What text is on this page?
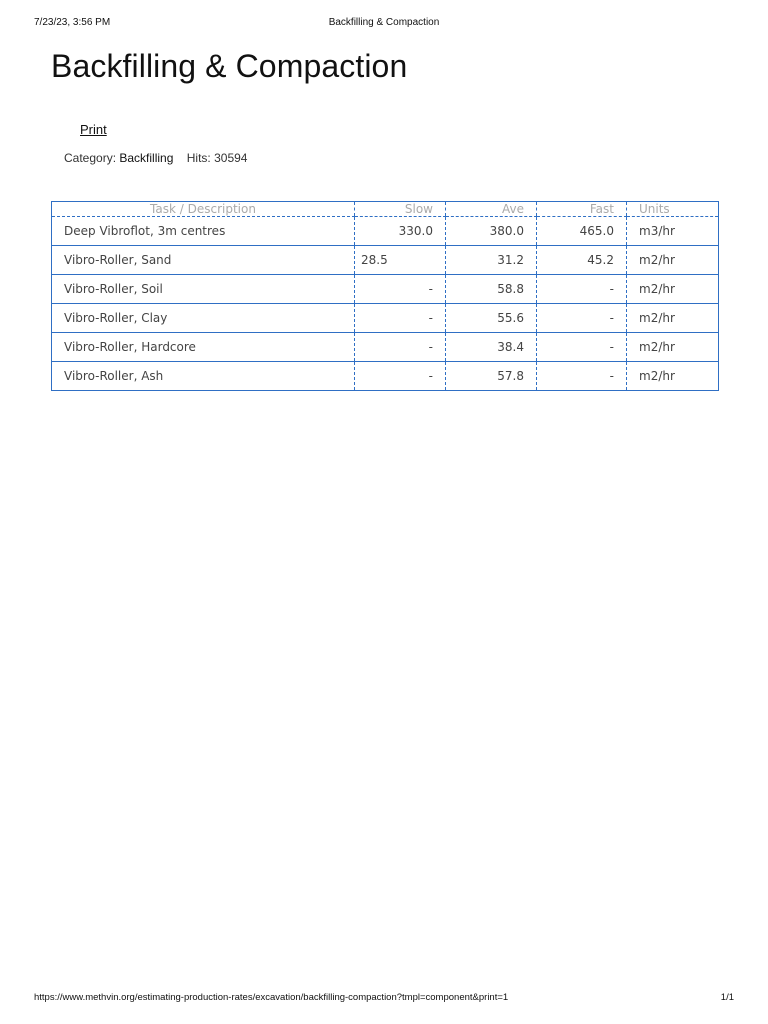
7/23/23, 3:56 PM	Backfilling & Compaction
Backfilling & Compaction
Print
Category: Backfilling Hits: 30594
Task / Description	Slow	Ave	Fast	Units
Deep Vibroflot, 3m centres	330.0	380.0	465.0	m3/hr
Vibro-Roller, Sand	28.5	31.2	45.2	m2/hr
Vibro-Roller, Soil	-	58.8	-	m2/hr
Vibro-Roller, Clay	-	55.6	-	m2/hr
Vibro-Roller, Hardcore	-	38.4	-	m2/hr
Vibro-Roller, Ash	-	57.8	-	m2/hr
https://www.methvin.org/estimating-production-rates/excavation/backfilling-compaction?tmpl=component&print=1	1/1
